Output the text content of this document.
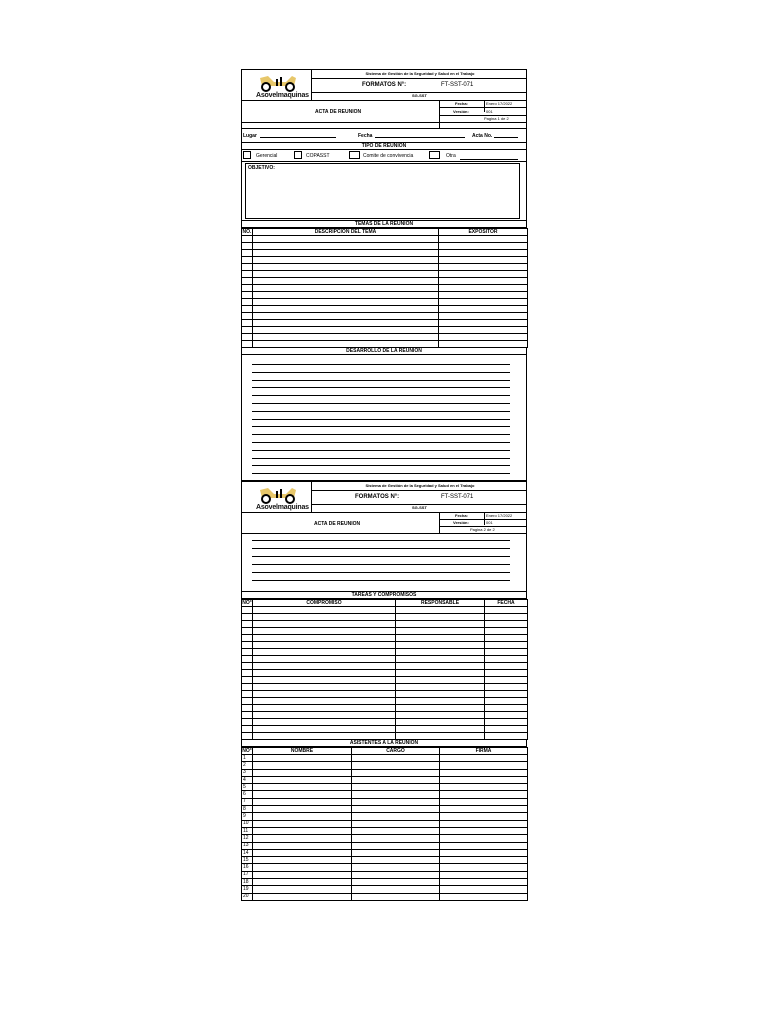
Asovelmaquinas
Sistema de Gestión de la Seguridad y Salud en el Trabajo
FORMATOS N°:	FT-SST-071
SG-SST
Fecha:	Enero 17/2022
Versión:	001
Pagina 1 de 2
ACTA DE REUNION
Lugar	Fecha	Acta No.
TIPO DE REUNION
Gerencial	COPASST	Comite de convivencia	Otra
OBJETIVO:
TEMAS DE LA REUNION
NO.	DESCRIPCION DEL TEMA	EXPOSITOR

DESARROLLO DE LA REUNION
Asovelmaquinas
Sistema de Gestión de la Seguridad y Salud en el Trabajo
FORMATOS N°:	FT-SST-071
SG-SST
Fecha:	Enero 17/2022
Versión:	001
Pagina 2 de 2
ACTA DE REUNION
TAREAS Y COMPROMISOS
NO°	COMPROMISO	RESPONSABLE	FECHA

ASISTENTES A LA REUNION
NO°	NOMBRE	CARGO	FIRMA
1			
2			
3			
4			
5			
6			
7			
8			
9			
10			
11			
12			
13			
14			
15			
16			
17			
18			
19			
20			
